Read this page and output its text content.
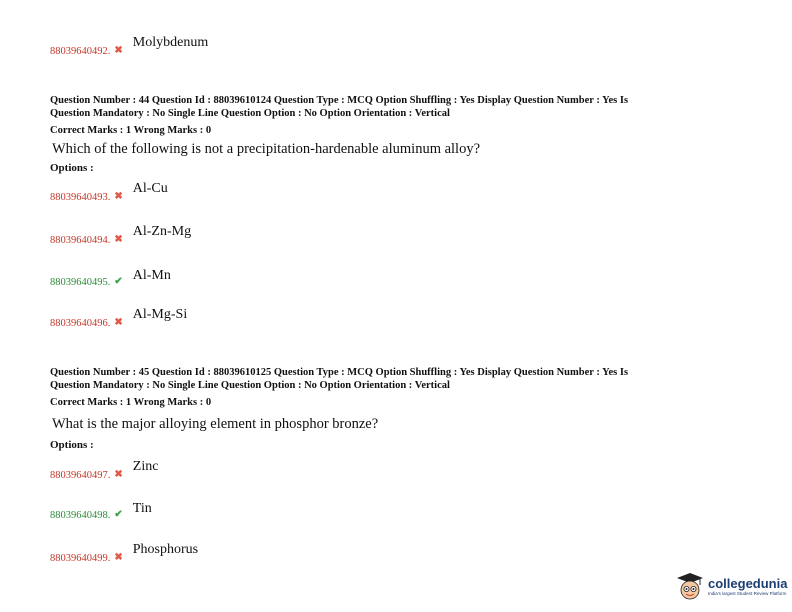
$_{88039640492.}$ ✖ Molybdenum
Question Number : 44 Question Id : 88039610124 Question Type : MCQ Option Shuffling : Yes Display Question Number : Yes Is
Question Mandatory : No Single Line Question Option : No Option Orientation : Vertical
Correct Marks : 1 Wrong Marks : 0
Which of the following is not a precipitation-hardenable aluminum alloy?
Options :
$_{88039640493.}$ ✖ Al-Cu
$_{88039640494.}$ ✖ Al-Zn-Mg
$_{88039640495.}$ ✔ Al-Mn
$_{88039640496.}$ ✖ Al-Mg-Si
Question Number : 45 Question Id : 88039610125 Question Type : MCQ Option Shuffling : Yes Display Question Number : Yes Is
Question Mandatory : No Single Line Question Option : No Option Orientation : Vertical
Correct Marks : 1 Wrong Marks : 0
What is the major alloying element in phosphor bronze?
Options :
$_{88039640497.}$ ✖ Zinc
$_{88039640498.}$ ✔ Tin
$_{88039640499.}$ ✖ Phosphorus
collegedunia
India's largest Student Review Platform
